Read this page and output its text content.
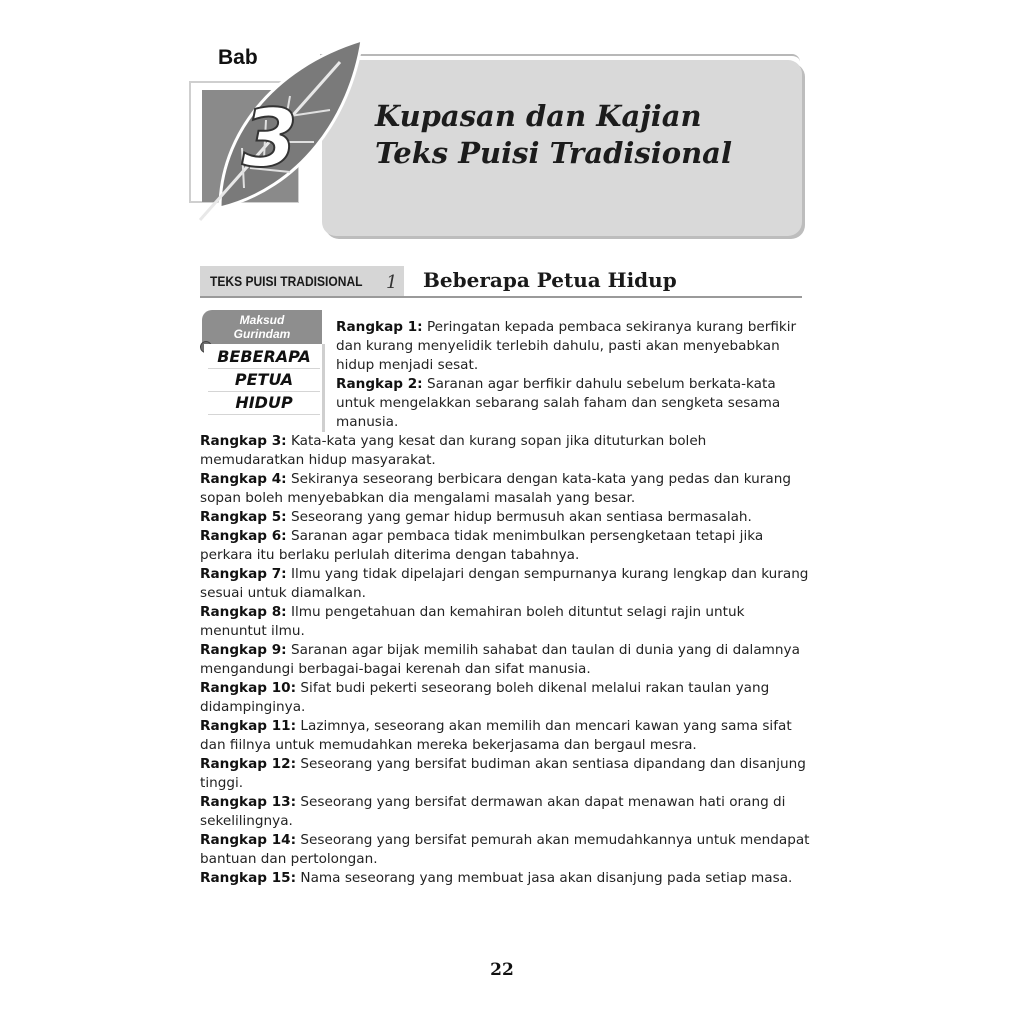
3
Bab
Kupasan dan Kajian
Teks Puisi Tradisional
TEKS PUISI TRADISIONAL 1 Beberapa Petua Hidup
Maksud
Gurindam
BEBERAPA
PETUA
HIDUP

Rangkap 1: Peringatan kepada pembaca sekiranya kurang berfikir dan kurang menyelidik terlebih dahulu, pasti akan menyebabkan hidup menjadi sesat.

Rangkap 2: Saranan agar berfikir dahulu sebelum berkata-kata untuk mengelakkan sebarang salah faham dan sengketa sesama manusia.

Rangkap 3: Kata-kata yang kesat dan kurang sopan jika dituturkan boleh memudaratkan hidup masyarakat.

Rangkap 4: Sekiranya seseorang berbicara dengan kata-kata yang pedas dan kurang sopan boleh menyebabkan dia mengalami masalah yang besar.

Rangkap 5: Seseorang yang gemar hidup bermusuh akan sentiasa bermasalah.

Rangkap 6: Saranan agar pembaca tidak menimbulkan persengketaan tetapi jika perkara itu berlaku perlulah diterima dengan tabahnya.

Rangkap 7: Ilmu yang tidak dipelajari dengan sempurnanya kurang lengkap dan kurang sesuai untuk diamalkan.

Rangkap 8: Ilmu pengetahuan dan kemahiran boleh dituntut selagi rajin untuk menuntut ilmu.

Rangkap 9: Saranan agar bijak memilih sahabat dan taulan di dunia yang di dalamnya mengandungi berbagai-bagai kerenah dan sifat manusia.

Rangkap 10: Sifat budi pekerti seseorang boleh dikenal melalui rakan taulan yang didampinginya.

Rangkap 11: Lazimnya, seseorang akan memilih dan mencari kawan yang sama sifat dan fiilnya untuk memudahkan mereka bekerjasama dan bergaul mesra.

Rangkap 12: Seseorang yang bersifat budiman akan sentiasa dipandang dan disanjung tinggi.

Rangkap 13: Seseorang yang bersifat dermawan akan dapat menawan hati orang di sekelilingnya.

Rangkap 14: Seseorang yang bersifat pemurah akan memudahkannya untuk mendapat bantuan dan pertolongan.

Rangkap 15: Nama seseorang yang membuat jasa akan disanjung pada setiap masa.

22
